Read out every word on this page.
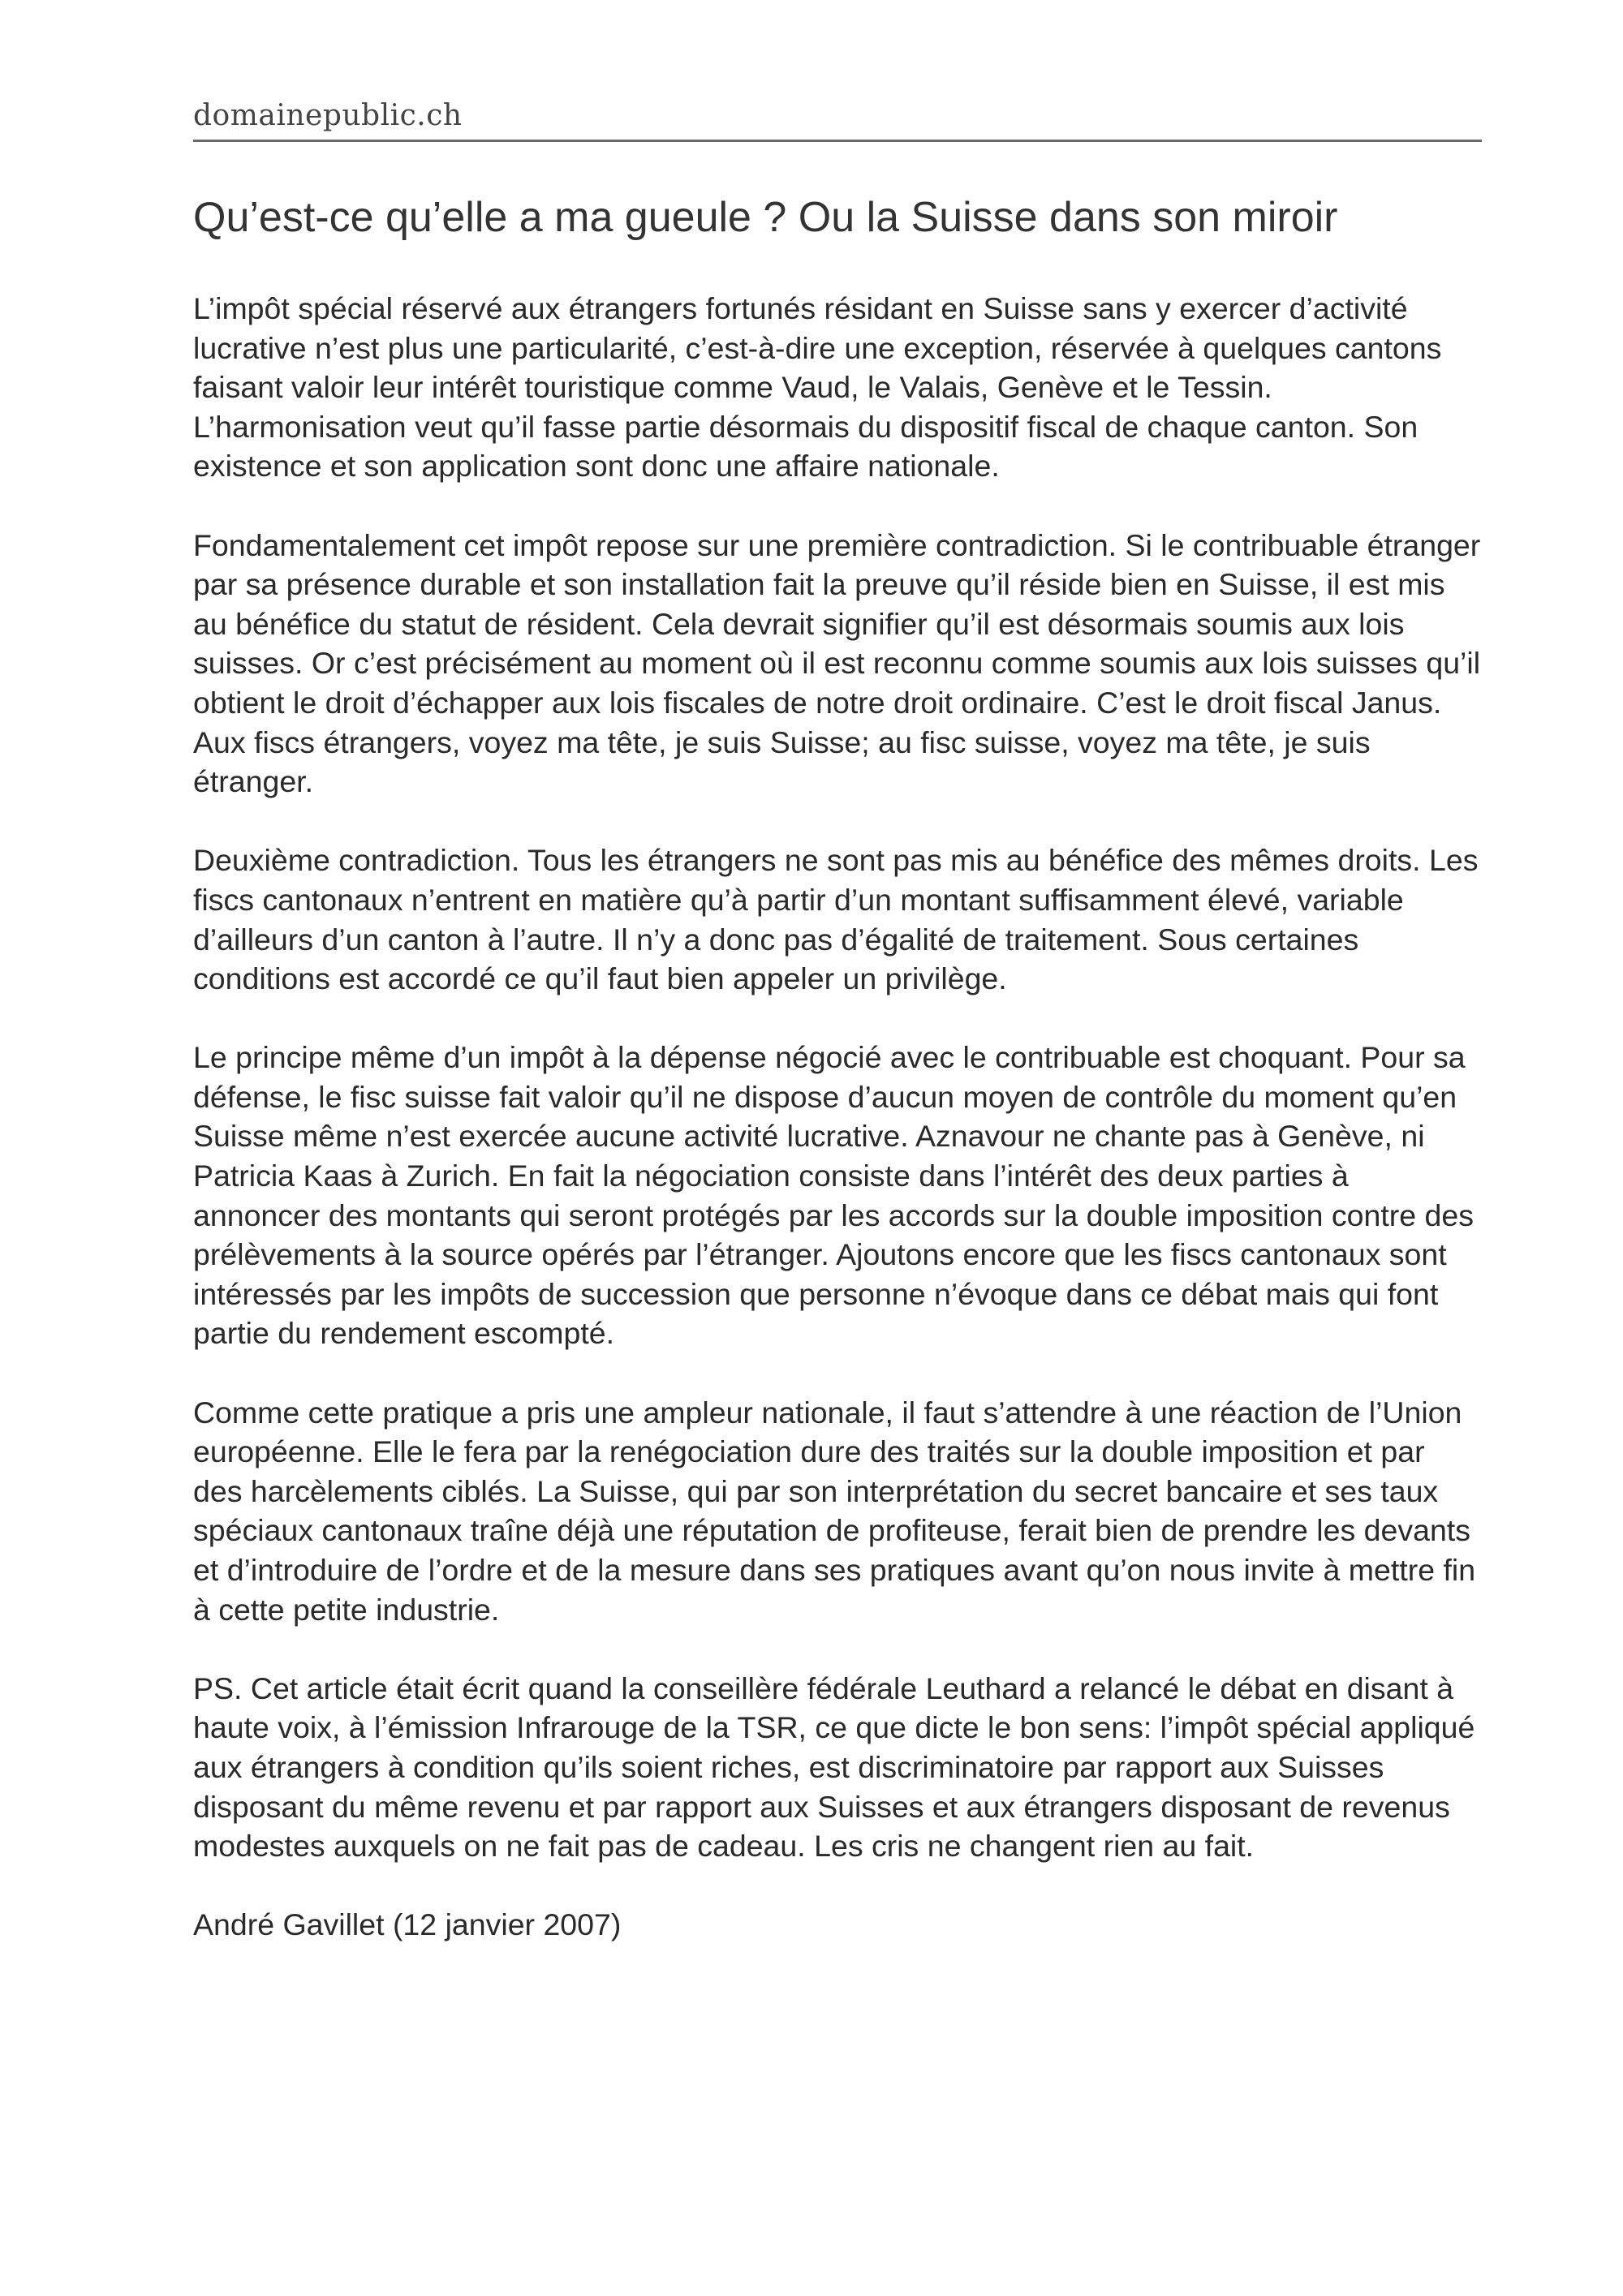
domainepublic.ch
Qu’est-ce qu’elle a ma gueule ? Ou la Suisse dans son miroir

L’impôt spécial réservé aux étrangers fortunés résidant en Suisse sans y exercer d’activité lucrative n’est plus une particularité, c’est-à-dire une exception, réservée à quelques cantons faisant valoir leur intérêt touristique comme Vaud, le Valais, Genève et le Tessin. L’harmonisation veut qu’il fasse partie désormais du dispositif fiscal de chaque canton. Son existence et son application sont donc une affaire nationale.

Fondamentalement cet impôt repose sur une première contradiction. Si le contribuable étranger par sa présence durable et son installation fait la preuve qu’il réside bien en Suisse, il est mis au bénéfice du statut de résident. Cela devrait signifier qu’il est désormais soumis aux lois suisses. Or c’est précisément au moment où il est reconnu comme soumis aux lois suisses qu’il obtient le droit d’échapper aux lois fiscales de notre droit ordinaire. C’est le droit fiscal Janus. Aux fiscs étrangers, voyez ma tête, je suis Suisse; au fisc suisse, voyez ma tête, je suis étranger.

Deuxième contradiction. Tous les étrangers ne sont pas mis au bénéfice des mêmes droits. Les fiscs cantonaux n’entrent en matière qu’à partir d’un montant suffisamment élevé, variable d’ailleurs d’un canton à l’autre. Il n’y a donc pas d’égalité de traitement. Sous certaines conditions est accordé ce qu’il faut bien appeler un privilège.

Le principe même d’un impôt à la dépense négocié avec le contribuable est choquant. Pour sa défense, le fisc suisse fait valoir qu’il ne dispose d’aucun moyen de contrôle du moment qu’en Suisse même n’est exercée aucune activité lucrative. Aznavour ne chante pas à Genève, ni Patricia Kaas à Zurich. En fait la négociation consiste dans l’intérêt des deux parties à annoncer des montants qui seront protégés par les accords sur la double imposition contre des prélèvements à la source opérés par l’étranger. Ajoutons encore que les fiscs cantonaux sont intéressés par les impôts de succession que personne n’évoque dans ce débat mais qui font partie du rendement escompté.

Comme cette pratique a pris une ampleur nationale, il faut s’attendre à une réaction de l’Union européenne. Elle le fera par la renégociation dure des traités sur la double imposition et par des harcèlements ciblés. La Suisse, qui par son interprétation du secret bancaire et ses taux spéciaux cantonaux traîne déjà une réputation de profiteuse, ferait bien de prendre les devants et d’introduire de l’ordre et de la mesure dans ses pratiques avant qu’on nous invite à mettre fin à cette petite industrie.

PS. Cet article était écrit quand la conseillère fédérale Leuthard a relancé le débat en disant à haute voix, à l’émission Infrarouge de la TSR, ce que dicte le bon sens: l’impôt spécial appliqué aux étrangers à condition qu’ils soient riches, est discriminatoire par rapport aux Suisses disposant du même revenu et par rapport aux Suisses et aux étrangers disposant de revenus modestes auxquels on ne fait pas de cadeau. Les cris ne changent rien au fait.

André Gavillet (12 janvier 2007)
